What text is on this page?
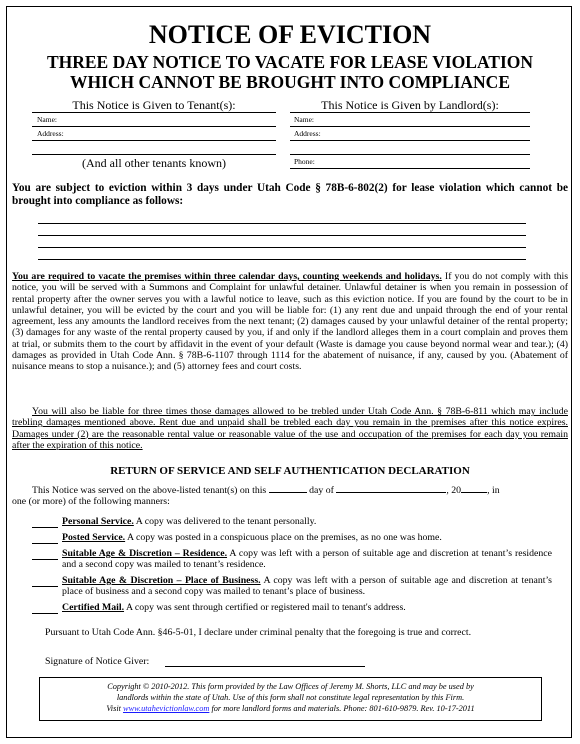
NOTICE OF EVICTION
THREE DAY NOTICE TO VACATE FOR LEASE VIOLATION
WHICH CANNOT BE BROUGHT INTO COMPLIANCE
This Notice is Given to Tenant(s):
Name:
Address:
(And all other tenants known)
This Notice is Given by Landlord(s):
Name:
Address:
Phone:
You are subject to eviction within 3 days under Utah Code § 78B-6-802(2) for lease violation which cannot be brought into compliance as follows:
You are required to vacate the premises within three calendar days, counting weekends and holidays. If you do not comply with this notice, you will be served with a Summons and Complaint for unlawful detainer. Unlawful detainer is when you remain in possession of rental property after the owner serves you with a lawful notice to leave, such as this eviction notice. If you are found by the court to be in unlawful detainer, you will be evicted by the court and you will be liable for: (1) any rent due and unpaid through the end of your rental agreement, less any amounts the landlord receives from the next tenant; (2) damages caused by your unlawful detainer of the rental property; (3) damages for any waste of the rental property caused by you, if and only if the landlord alleges them in a court complain and proves them at trial, or submits them to the court by affidavit in the event of your default (Waste is damage you cause beyond normal wear and tear.); (4) damages as provided in Utah Code Ann. § 78B-6-1107 through 1114 for the abatement of nuisance, if any, caused by you. (Abatement of nuisance means to stop a nuisance.); and (5) attorney fees and court costs.
You will also be liable for three times those damages allowed to be trebled under Utah Code Ann. § 78B-6-811 which may include trebling damages mentioned above. Rent due and unpaid shall be trebled each day you remain in the premises after this notice expires. Damages under (2) are the reasonable rental value or reasonable value of the use and occupation of the premises for each day you remain after the expiration of this notice.
RETURN OF SERVICE AND SELF AUTHENTICATION DECLARATION
This Notice was served on the above-listed tenant(s) on this	day of	, 20	, in
one (or more) of the following manners:
Personal Service. A copy was delivered to the tenant personally.
Posted Service. A copy was posted in a conspicuous place on the premises, as no one was home.
Suitable Age & Discretion – Residence. A copy was left with a person of suitable age and discretion at tenant’s residence and a second copy was mailed to tenant’s residence.
Suitable Age & Discretion – Place of Business. A copy was left with a person of suitable age and discretion at tenant’s place of business and a second copy was mailed to tenant’s place of business.
Certified Mail. A copy was sent through certified or registered mail to tenant's address.
Pursuant to Utah Code Ann. §46-5-01, I declare under criminal penalty that the foregoing is true and correct.
Signature of Notice Giver:
Copyright © 2010-2012. This form provided by the Law Offices of Jeremy M. Shorts, LLC and may be used by
landlords within the state of Utah. Use of this form shall not constitute legal representation by this Firm.
Visit www.utahevictionlaw.com for more landlord forms and materials. Phone: 801-610-9879. Rev. 10-17-2011
